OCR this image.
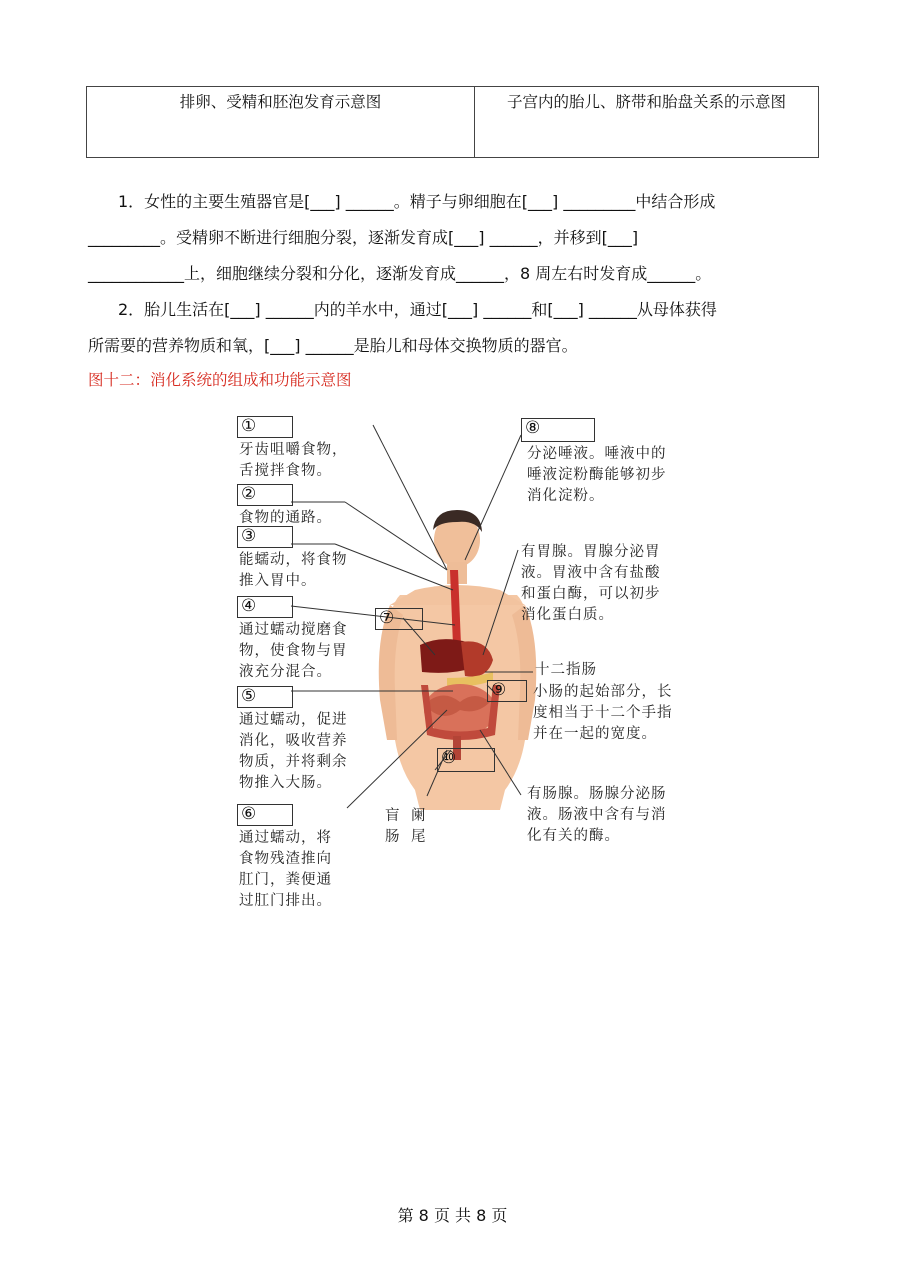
排卵、受精和胚泡发育示意图	子宫内的胎儿、脐带和胎盘关系的示意图
1．女性的主要生殖器官是[___] ______。精子与卵细胞在[___] _________中结合形成
_________。受精卵不断进行细胞分裂，逐渐发育成[___] ______，并移到[___]
____________上，细胞继续分裂和分化，逐渐发育成______，8 周左右时发育成______。
2．胎儿生活在[___] ______内的羊水中，通过[___] ______和[___] ______从母体获得
所需要的营养物质和氧，[___] ______是胎儿和母体交换物质的器官。
图十二：消化系统的组成和功能示意图
①
②
③
④
⑤
⑥
⑦
⑧
⑨
⑩
牙齿咀嚼食物，
舌搅拌食物。
食物的通路。
能蠕动，将食物
推入胃中。
通过蠕动搅磨食
物，使食物与胃
液充分混合。
通过蠕动，促进
消化，吸收营养
物质，并将剩余
物推入大肠。
通过蠕动，将
食物残渣推向
肛门，粪便通
过肛门排出。
盲
肠
阑
尾
分泌唾液。唾液中的
唾液淀粉酶能够初步
消化淀粉。
有胃腺。胃腺分泌胃
液。胃液中含有盐酸
和蛋白酶，可以初步
消化蛋白质。
十二指肠
小肠的起始部分，长
度相当于十二个手指
并在一起的宽度。
有肠腺。肠腺分泌肠
液。肠液中含有与消
化有关的酶。
第 8 页 共 8 页
